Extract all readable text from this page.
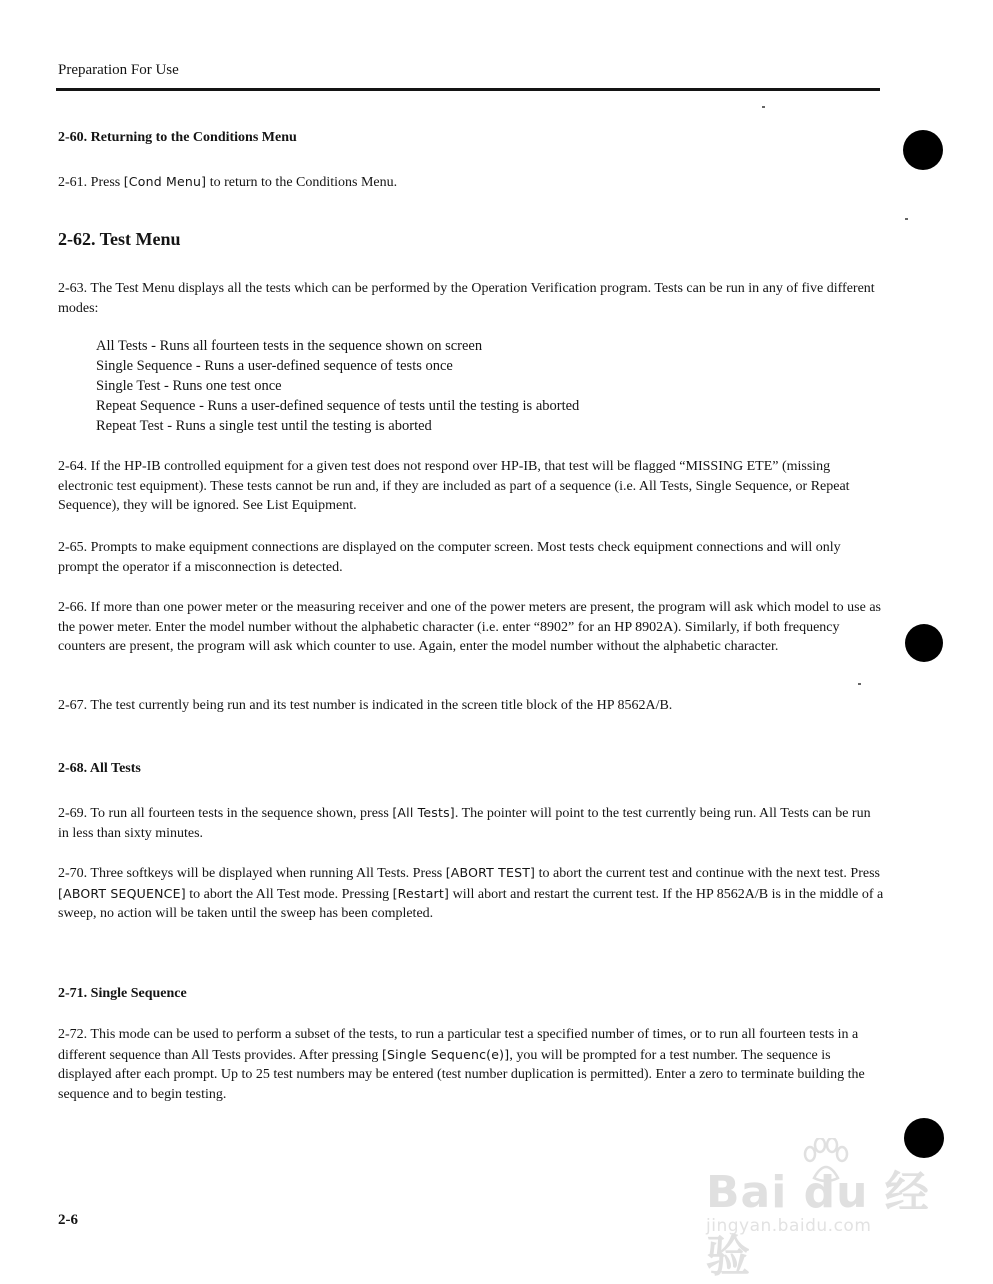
Preparation For Use
2-60. Returning to the Conditions Menu
2-61. Press [Cond Menu] to return to the Conditions Menu.
2-62. Test Menu
2-63. The Test Menu displays all the tests which can be performed by the Operation Verification program. Tests can be run in any of five different modes:
All Tests - Runs all fourteen tests in the sequence shown on screen
Single Sequence - Runs a user-defined sequence of tests once
Single Test - Runs one test once
Repeat Sequence - Runs a user-defined sequence of tests until the testing is aborted
Repeat Test - Runs a single test until the testing is aborted
2-64. If the HP-IB controlled equipment for a given test does not respond over HP-IB, that test will be flagged “MISSING ETE” (missing electronic test equipment). These tests cannot be run and, if they are included as part of a sequence (i.e. All Tests, Single Sequence, or Repeat Sequence), they will be ignored. See List Equipment.
2-65. Prompts to make equipment connections are displayed on the computer screen. Most tests check equipment connections and will only prompt the operator if a misconnection is detected.
2-66. If more than one power meter or the measuring receiver and one of the power meters are present, the program will ask which model to use as the power meter. Enter the model number without the alphabetic character (i.e. enter “8902” for an HP 8902A). Similarly, if both frequency counters are present, the program will ask which counter to use. Again, enter the model number without the alphabetic character.
2-67. The test currently being run and its test number is indicated in the screen title block of the HP 8562A/B.
2-68. All Tests
2-69. To run all fourteen tests in the sequence shown, press [All Tests]. The pointer will point to the test currently being run. All Tests can be run in less than sixty minutes.
2-70. Three softkeys will be displayed when running All Tests. Press [ABORT TEST] to abort the current test and continue with the next test. Press [ABORT SEQUENCE] to abort the All Test mode. Pressing [Restart] will abort and restart the current test. If the HP 8562A/B is in the middle of a sweep, no action will be taken until the sweep has been completed.
2-71. Single Sequence
2-72. This mode can be used to perform a subset of the tests, to run a particular test a specified number of times, or to run all fourteen tests in a different sequence than All Tests provides. After pressing [Single Sequenc(e)], you will be prompted for a test number. The sequence is displayed after each prompt. Up to 25 test numbers may be entered (test number duplication is permitted). Enter a zero to terminate building the sequence and to begin testing.
Bai du 经验
jingyan.baidu.com
2-6
